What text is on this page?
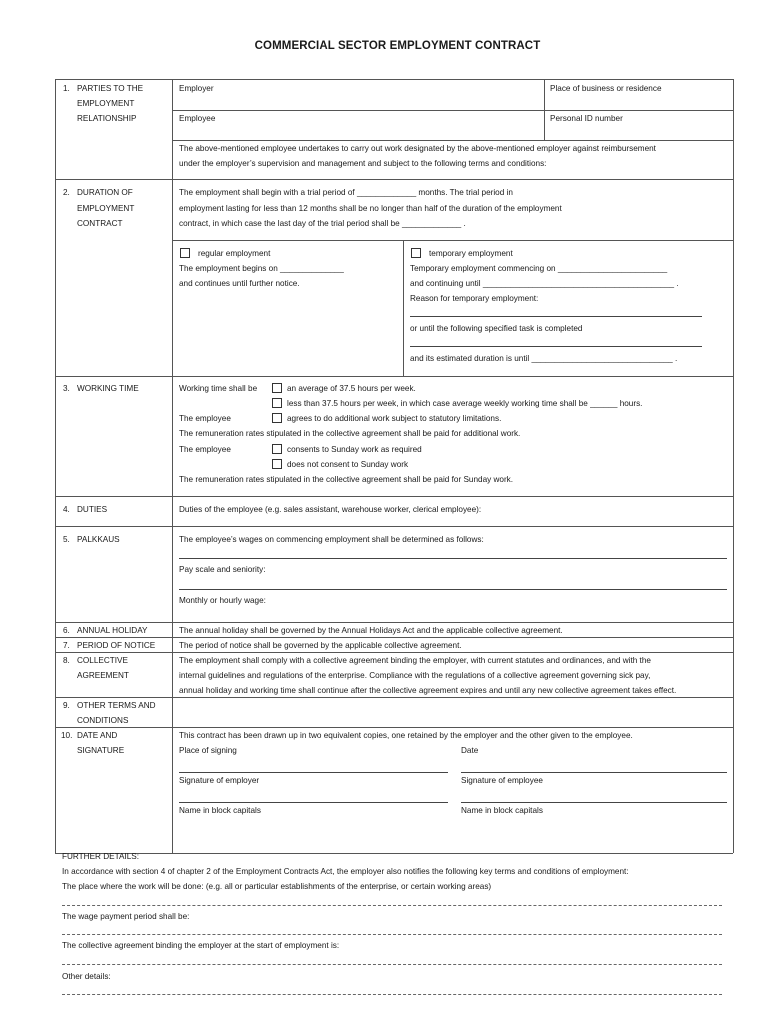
COMMERCIAL SECTOR EMPLOYMENT CONTRACT
1. PARTIES TO THE
EMPLOYMENT
RELATIONSHIP
Employer	Place of business or residence
Employee	Personal ID number
The above-mentioned employee undertakes to carry out work designated by the above-mentioned employer against reimbursement
under the employer’s supervision and management and subject to the following terms and conditions:
2. DURATION OF
EMPLOYMENT
CONTRACT
The employment shall begin with a trial period of _____________ months. The trial period in
employment lasting for less than 12 months shall be no longer than half of the duration of the employment
contract, in which case the last day of the trial period shall be _____________ .
regular employment
The employment begins on ______________
and continues until further notice.
temporary employment
Temporary employment commencing on ________________________
and continuing until __________________________________________ .
Reason for temporary employment:
or until the following specified task is completed
and its estimated duration is until _______________________________ .
3. WORKING TIME	Working time shall be	an average of 37.5 hours per week.
less than 37.5 hours per week, in which case average weekly working time shall be ______ hours.
The employee	agrees to do additional work subject to statutory limitations.
The remuneration rates stipulated in the collective agreement shall be paid for additional work.
The employee	consents to Sunday work as required
does not consent to Sunday work
The remuneration rates stipulated in the collective agreement shall be paid for Sunday work.
4. DUTIES	Duties of the employee (e.g. sales assistant, warehouse worker, clerical employee):
5. PALKKAUS	The employee’s wages on commencing employment shall be determined as follows:
Pay scale and seniority:
Monthly or hourly wage:
6. ANNUAL HOLIDAY	The annual holiday shall be governed by the Annual Holidays Act and the applicable collective agreement.
7. PERIOD OF NOTICE	The period of notice shall be governed by the applicable collective agreement.
8. COLLECTIVE
AGREEMENT
The employment shall comply with a collective agreement binding the employer, with current statutes and ordinances, and with the
internal guidelines and regulations of the enterprise. Compliance with the regulations of a collective agreement governing sick pay,
annual holiday and working time shall continue after the collective agreement expires and until any new collective agreement takes effect.
9. OTHER TERMS AND
CONDITIONS
10. DATE AND
SIGNATURE
This contract has been drawn up in two equivalent copies, one retained by the employer and the other given to the employee.
Place of signing	Date
Signature of employer	Signature of employee
Name in block capitals	Name in block capitals
FURTHER DETAILS:
In accordance with section 4 of chapter 2 of the Employment Contracts Act, the employer also notifies the following key terms and conditions of employment:
The place where the work will be done: (e.g. all or particular establishments of the enterprise, or certain working areas)
The wage payment period shall be:
The collective agreement binding the employer at the start of employment is:
Other details:
